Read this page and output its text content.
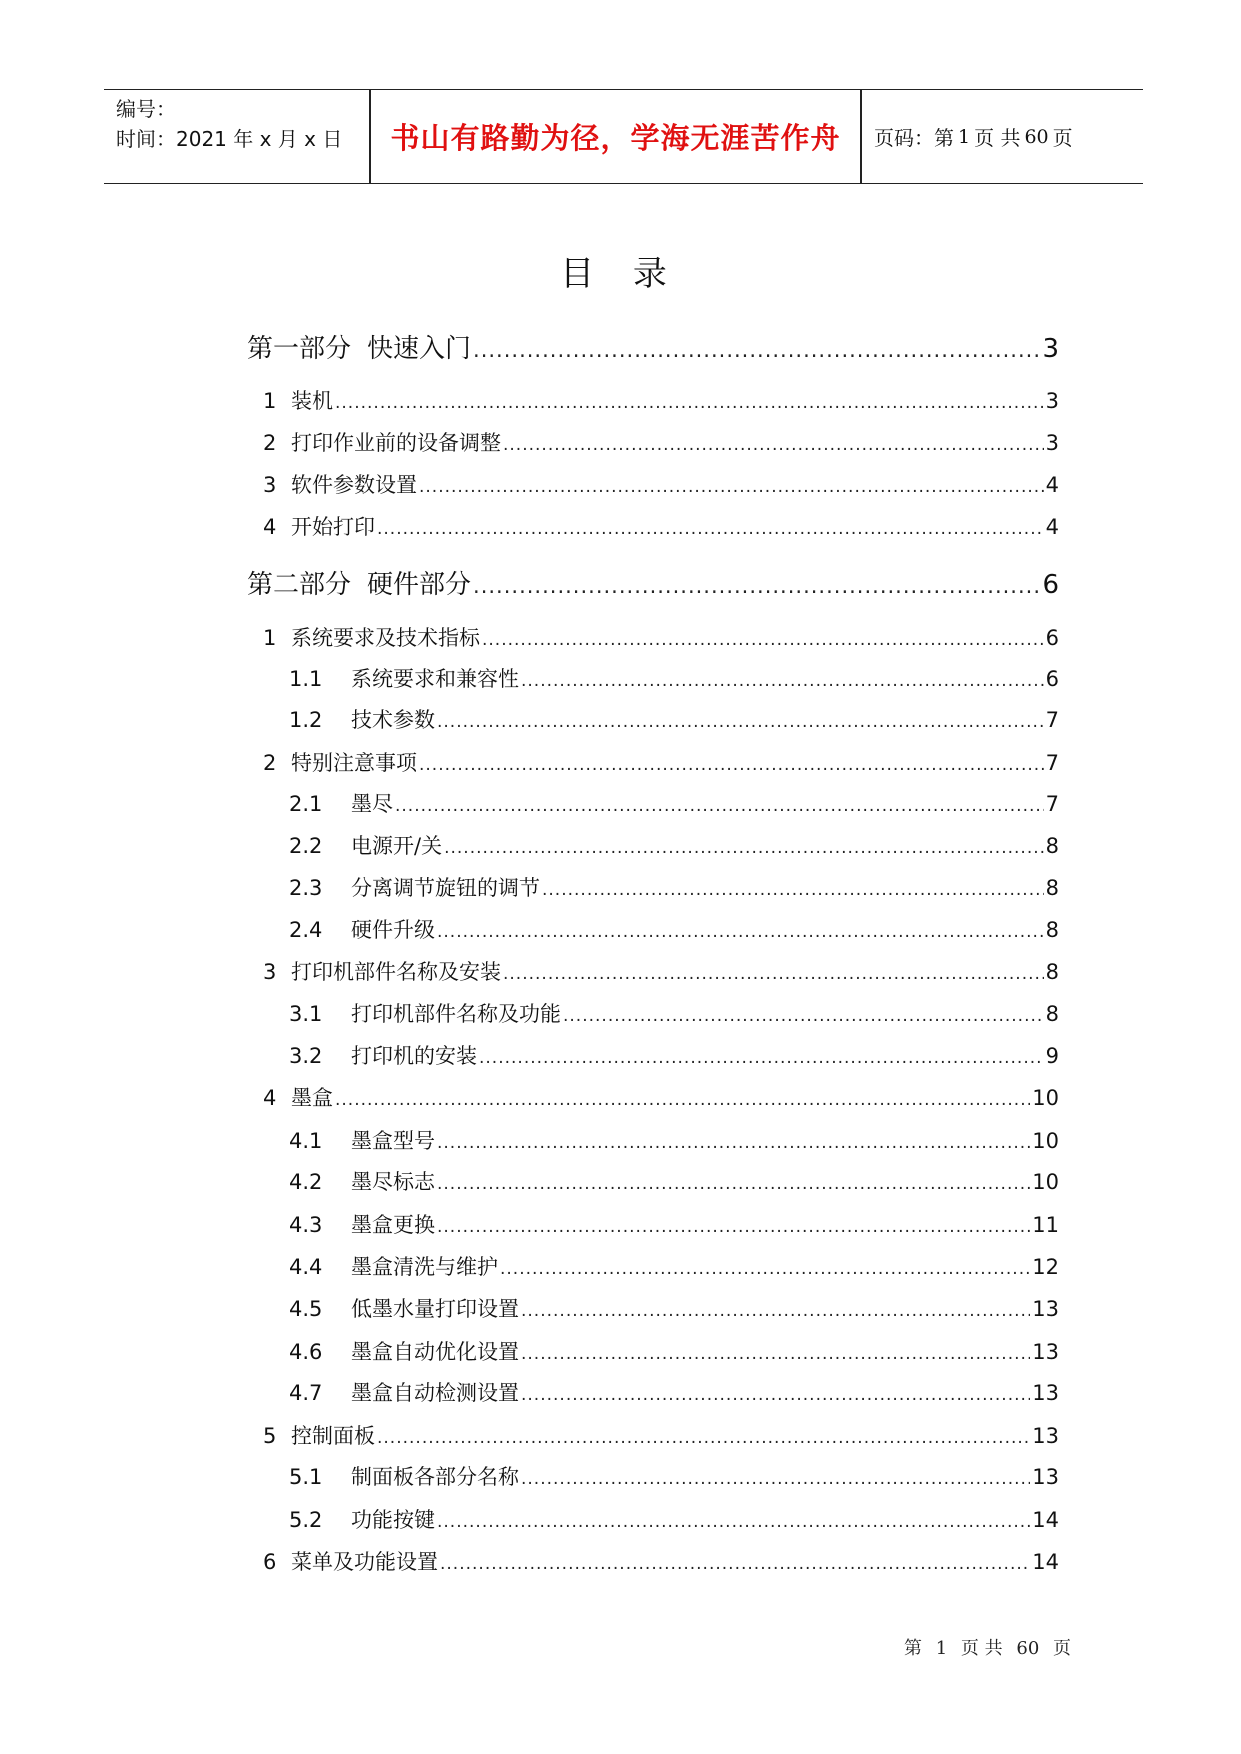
编号：
时间：2021 年 x 月 x 日	书山有路勤为径，学海无涯苦作舟	页码：第 1 页 共 60 页
目 录
第一部分 快速入门 .....	3
1 装机 .....	3
2 打印作业前的设备调整 .....	3
3 软件参数设置 .....	4
4 开始打印 .....	4
第二部分 硬件部分 .....	6
1 系统要求及技术指标 .....	6
1.1	系统要求和兼容性 .....	6
1.2	技术参数 .....	7
2 特别注意事项 .....	7
2.1	墨尽 .....	7
2.2	电源开/关 .....	8
2.3	分离调节旋钮的调节 .....	8
2.4	硬件升级 .....	8
3 打印机部件名称及安装 .....	8
3.1	打印机部件名称及功能 .....	8
3.2	打印机的安装 .....	9
4 墨盒 .....	10
4.1	墨盒型号 .....	10
4.2	墨尽标志 .....	10
4.3	墨盒更换 .....	11
4.4	墨盒清洗与维护 .....	12
4.5	低墨水量打印设置 .....	13
4.6	墨盒自动优化设置 .....	13
4.7	墨盒自动检测设置 .....	13
5 控制面板 .....	13
5.1	制面板各部分名称 .....	13
5.2	功能按键 .....	14
6 菜单及功能设置 .....	14
第 1 页 共 60 页
